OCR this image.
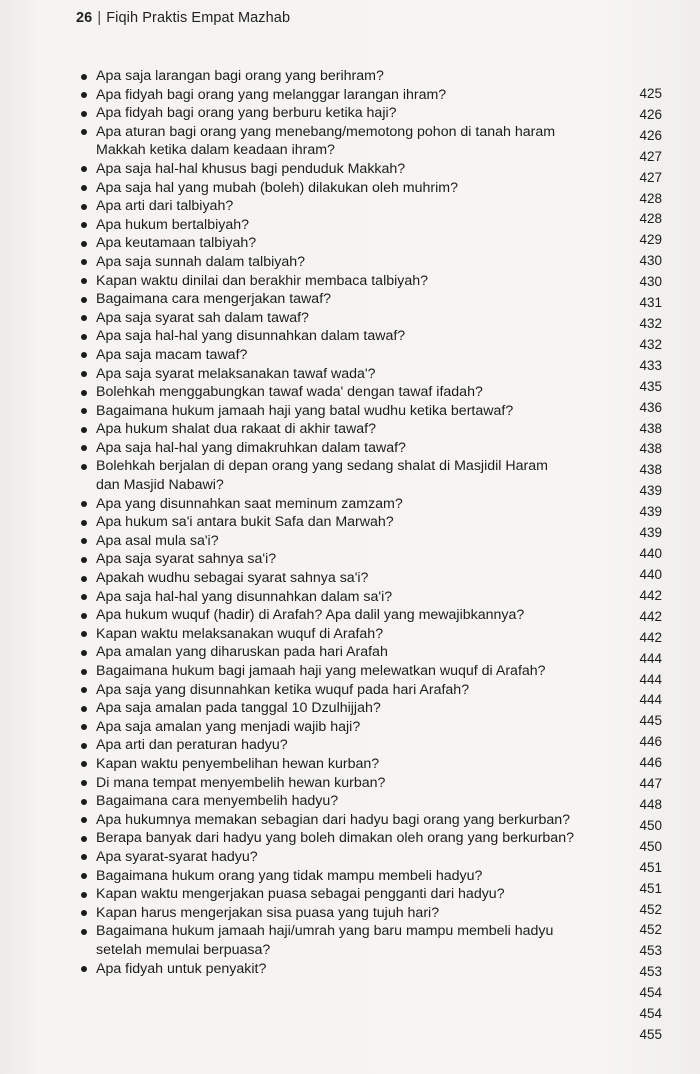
26 | Fiqih Praktis Empat Mazhab
Apa saja larangan bagi orang yang berihram?
Apa fidyah bagi orang yang melanggar larangan ihram?
Apa fidyah bagi orang yang berburu ketika haji?
Apa aturan bagi orang yang menebang/memotong pohon di tanah haram
Makkah ketika dalam keadaan ihram?
Apa saja hal-hal khusus bagi penduduk Makkah?
Apa saja hal yang mubah (boleh) dilakukan oleh muhrim?
Apa arti dari talbiyah?
Apa hukum bertalbiyah?
Apa keutamaan talbiyah?
Apa saja sunnah dalam talbiyah?
Kapan waktu dinilai dan berakhir membaca talbiyah?
Bagaimana cara mengerjakan tawaf?
Apa saja syarat sah dalam tawaf?
Apa saja hal-hal yang disunnahkan dalam tawaf?
Apa saja macam tawaf?
Apa saja syarat melaksanakan tawaf wada'?
Bolehkah menggabungkan tawaf wada' dengan tawaf ifadah?
Bagaimana hukum jamaah haji yang batal wudhu ketika bertawaf?
Apa hukum shalat dua rakaat di akhir tawaf?
Apa saja hal-hal yang dimakruhkan dalam tawaf?
Bolehkah berjalan di depan orang yang sedang shalat di Masjidil Haram
dan Masjid Nabawi?
Apa yang disunnahkan saat meminum zamzam?
Apa hukum sa'i antara bukit Safa dan Marwah?
Apa asal mula sa'i?
Apa saja syarat sahnya sa'i?
Apakah wudhu sebagai syarat sahnya sa'i?
Apa saja hal-hal yang disunnahkan dalam sa'i?
Apa hukum wuquf (hadir) di Arafah? Apa dalil yang mewajibkannya?
Kapan waktu melaksanakan wuquf di Arafah?
Apa amalan yang diharuskan pada hari Arafah
Bagaimana hukum bagi jamaah haji yang melewatkan wuquf di Arafah?
Apa saja yang disunnahkan ketika wuquf pada hari Arafah?
Apa saja amalan pada tanggal 10 Dzulhijjah?
Apa saja amalan yang menjadi wajib haji?
Apa arti dan peraturan hadyu?
Kapan waktu penyembelihan hewan kurban?
Di mana tempat menyembelih hewan kurban?
Bagaimana cara menyembelih hadyu?
Apa hukumnya memakan sebagian dari hadyu bagi orang yang berkurban?
Berapa banyak dari hadyu yang boleh dimakan oleh orang yang berkurban?
Apa syarat-syarat hadyu?
Bagaimana hukum orang yang tidak mampu membeli hadyu?
Kapan waktu mengerjakan puasa sebagai pengganti dari hadyu?
Kapan harus mengerjakan sisa puasa yang tujuh hari?
Bagaimana hukum jamaah haji/umrah yang baru mampu membeli hadyu
setelah memulai berpuasa?
Apa fidyah untuk penyakit?
425
426
426
427
427
428
428
429
430
430
431
432
432
433
435
436
438
438
438
439
439
439
440
440
442
442
442
444
444
444
445
446
446
447
448
450
450
451
451
452
452
453
453
454
454
455
